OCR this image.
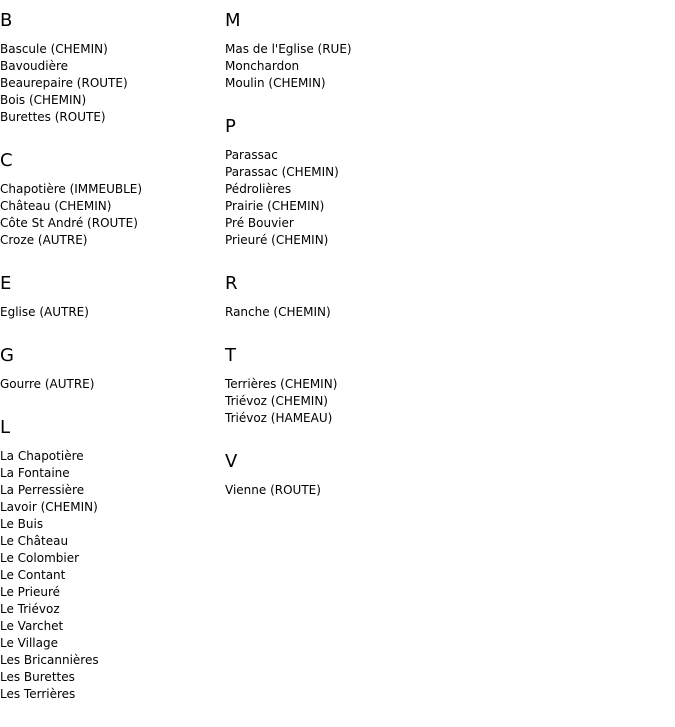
B
Bascule (CHEMIN)
Bavoudière
Beaurepaire (ROUTE)
Bois (CHEMIN)
Burettes (ROUTE)
C
Chapotière (IMMEUBLE)
Château (CHEMIN)
Côte St André (ROUTE)
Croze (AUTRE)
E
Eglise (AUTRE)
G
Gourre (AUTRE)
L
La Chapotière
La Fontaine
La Perressière
Lavoir (CHEMIN)
Le Buis
Le Château
Le Colombier
Le Contant
Le Prieuré
Le Triévoz
Le Varchet
Le Village
Les Bricannières
Les Burettes
Les Terrières
M
Mas de l'Eglise (RUE)
Monchardon
Moulin (CHEMIN)
P
Parassac
Parassac (CHEMIN)
Pédrolières
Prairie (CHEMIN)
Pré Bouvier
Prieuré (CHEMIN)
R
Ranche (CHEMIN)
T
Terrières (CHEMIN)
Triévoz (CHEMIN)
Triévoz (HAMEAU)
V
Vienne (ROUTE)
